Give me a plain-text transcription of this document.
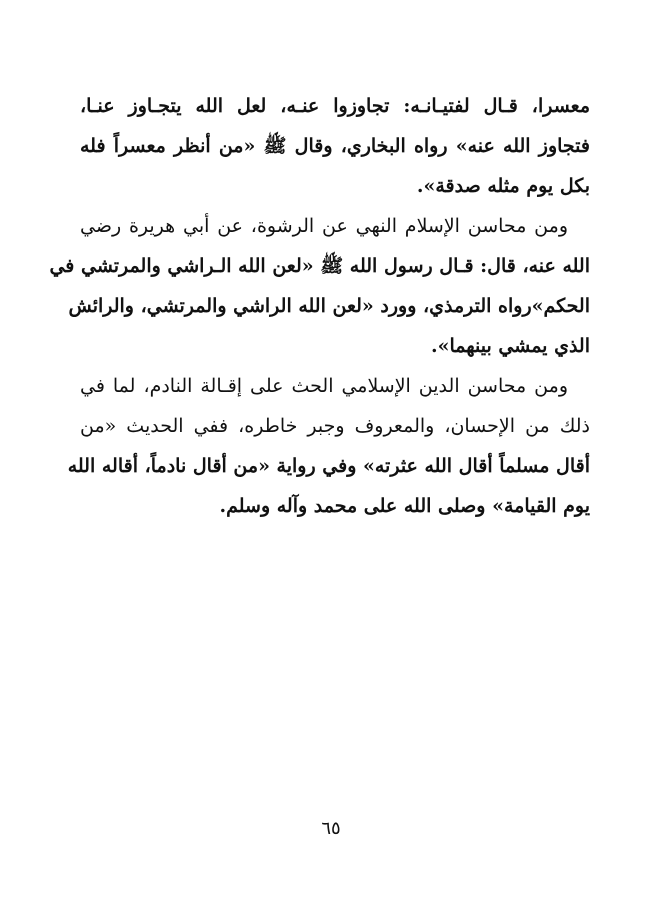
معسرا، قـال لفتيـانـه: تجاوزوا عنـه، لعل الله يتجـاوز عنـا،
فتجاوز الله عنه» رواه البخاري، وقال ﷺ «من أنظر معسراً فله
بكل يوم مثله صدقة».

ومن محاسن الإسلام النهي عن الرشوة، عن أبي هريرة رضي
الله عنه، قال: قـال رسول الله ﷺ «لعن الله الـراشي والمرتشي في
الحكم»رواه الترمذي، وورد «لعن الله الراشي والمرتشي، والرائش
الذي يمشي بينهما».

ومن محاسن الدين الإسلامي الحث على إقـالة النادم، لما في
ذلك من الإحسان، والمعروف وجبر خاطره، ففي الحديث «من
أقال مسلماً أقال الله عثرته» وفي رواية «من أقال نادماً، أقاله الله
يوم القيامة» وصلى الله على محمد وآله وسلم.

٦٥
